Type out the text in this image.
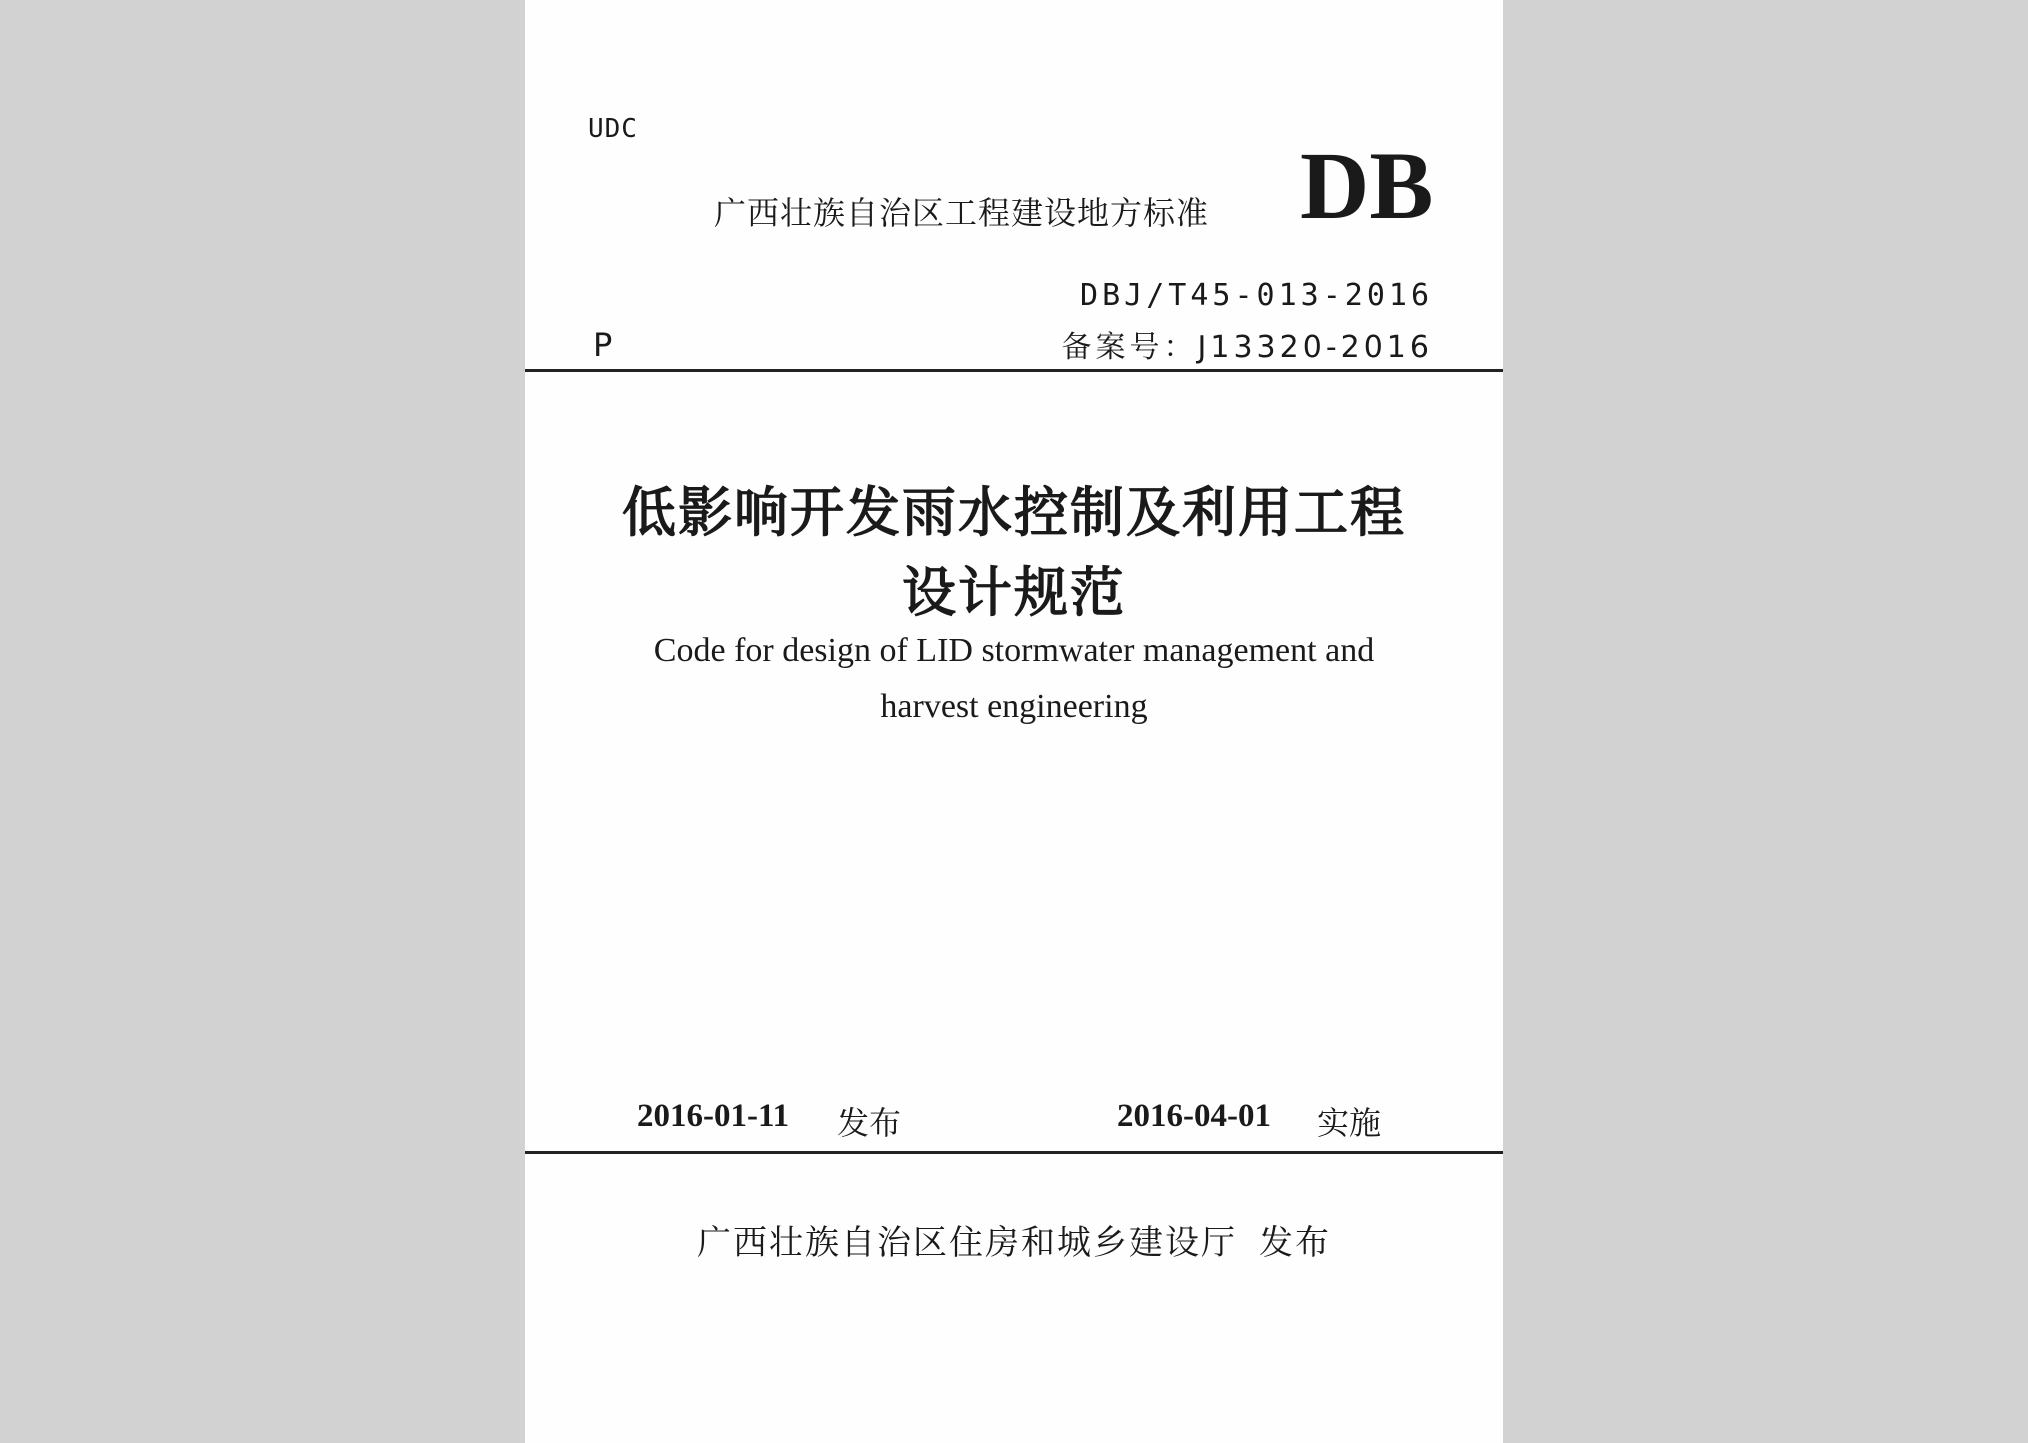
UDC
广西壮族自治区工程建设地方标准 DB
DBJ/T45-013-2016
P	备案号：J13320-2016
低影响开发雨水控制及利用工程
设计规范
Code for design of LID stormwater management and
harvest engineering
2016-01-11 发布	2016-04-01 实施
广西壮族自治区住房和城乡建设厅 发布
